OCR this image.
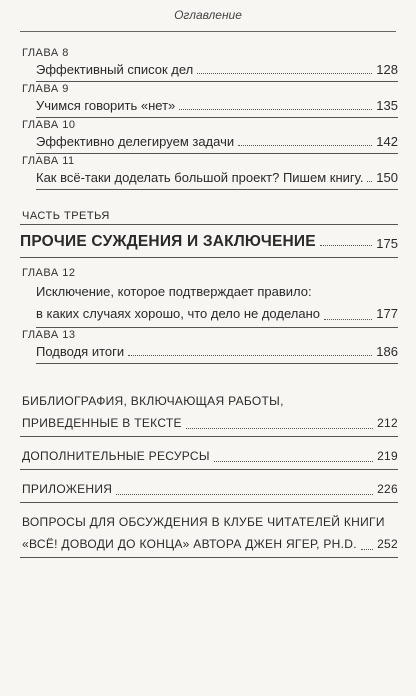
Оглавление
ГЛАВА 8
Эффективный список дел	128
ГЛАВА 9
Учимся говорить «нет»	135
ГЛАВА 10
Эффективно делегируем задачи	142
ГЛАВА 11
Как всё-таки доделать большой проект? Пишем книгу. 150
ЧАСТЬ ТРЕТЬЯ
ПРОЧИЕ СУЖДЕНИЯ И ЗАКЛЮЧЕНИЕ	175
ГЛАВА 12
Исключение, которое подтверждает правило:
в каких случаях хорошо, что дело не доделано	177
ГЛАВА 13
Подводя итоги	186
БИБЛИОГРАФИЯ, ВКЛЮЧАЮЩАЯ РАБОТЫ,
ПРИВЕДЕННЫЕ В ТЕКСТЕ	212
ДОПОЛНИТЕЛЬНЫЕ РЕСУРСЫ	219
ПРИЛОЖЕНИЯ	226
ВОПРОСЫ ДЛЯ ОБСУЖДЕНИЯ В КЛУБЕ ЧИТАТЕЛЕЙ КНИГИ
«ВСЁ! ДОВОДИ ДО КОНЦА» АВТОРА ДЖЕН ЯГЕР, PH.D. 252
